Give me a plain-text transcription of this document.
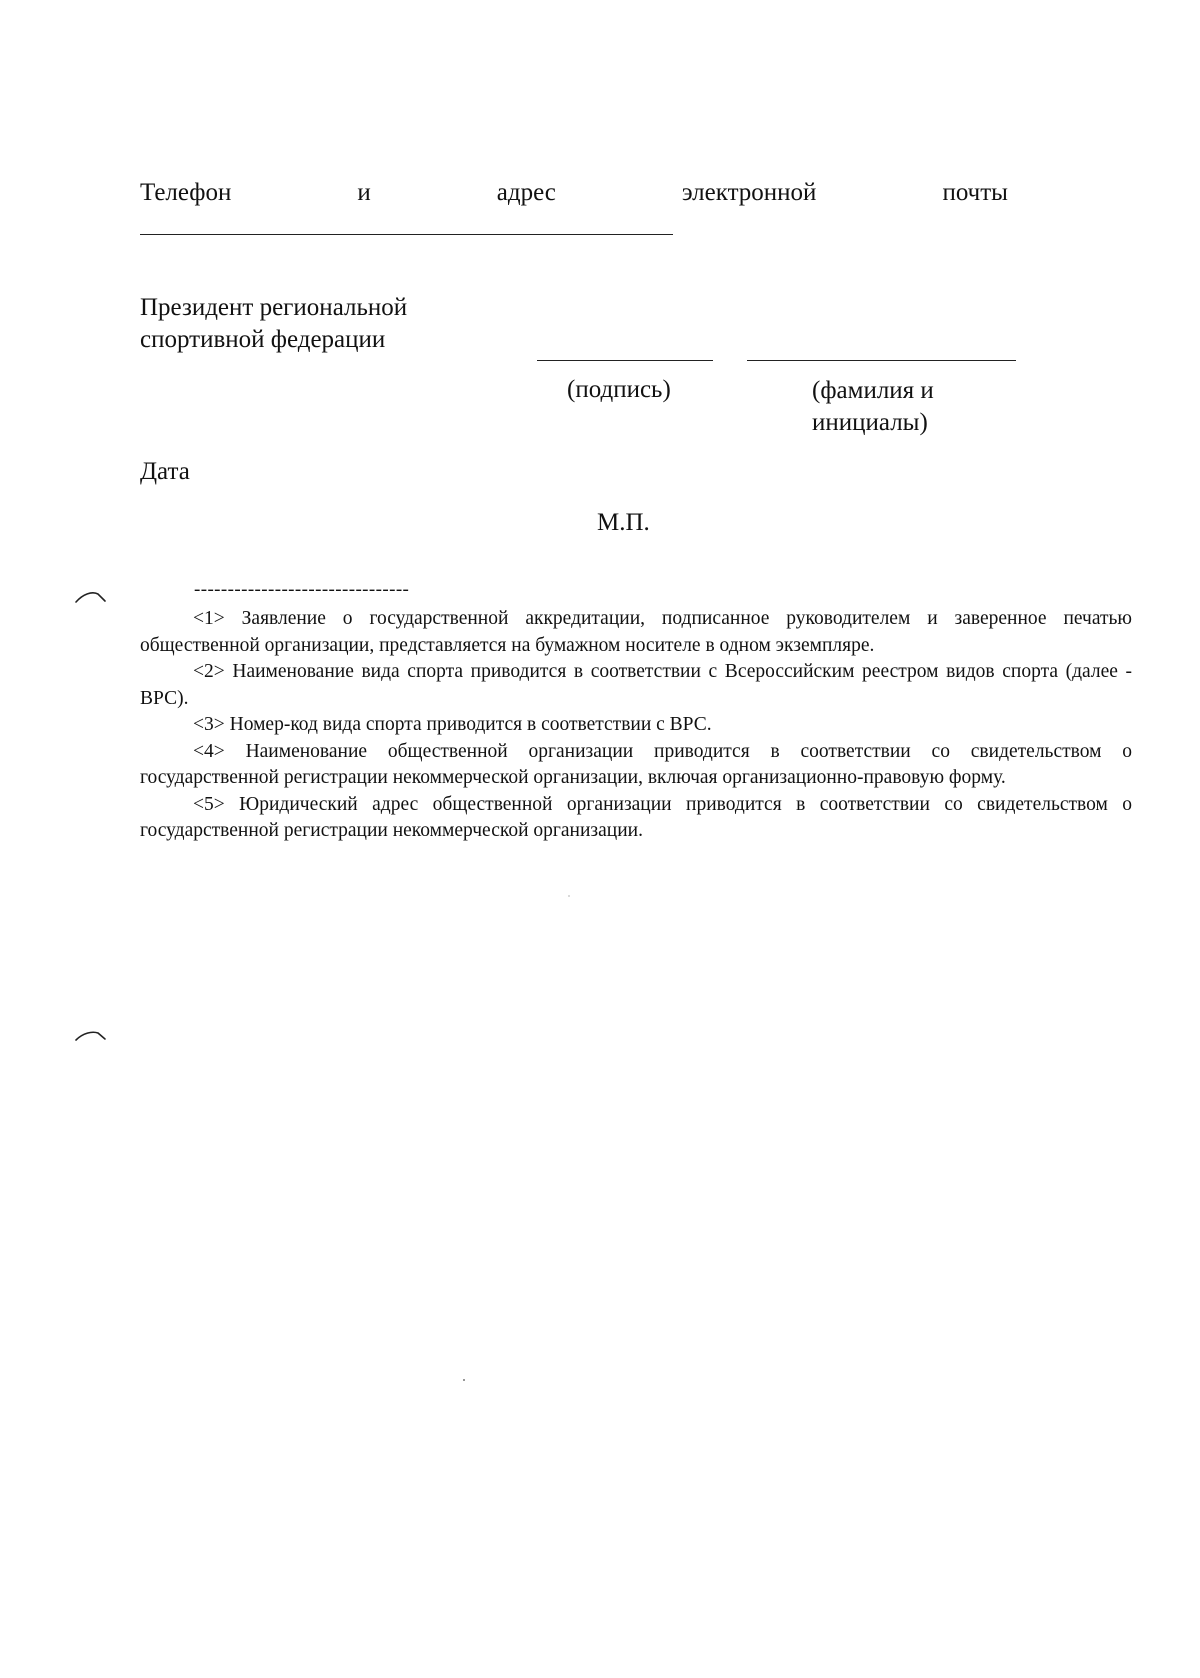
Телефон	и	адрес	электронной	почты
Президент региональной
спортивной федерации
(подпись)	(фамилия и
инициалы)
Дата
М.П.
--------------------------------

<1> Заявление о государственной аккредитации, подписанное руководителем и заверенное печатью общественной организации, представляется на бумажном носителе в одном экземпляре.

<2> Наименование вида спорта приводится в соответствии с Всероссийским реестром видов спорта (далее - ВРС).

<3> Номер-код вида спорта приводится в соответствии с ВРС.

<4> Наименование общественной организации приводится в соответствии со свидетельством о государственной регистрации некоммерческой организации, включая организационно-правовую форму.

<5> Юридический адрес общественной организации приводится в соответствии со свидетельством о государственной регистрации некоммерческой организации.
